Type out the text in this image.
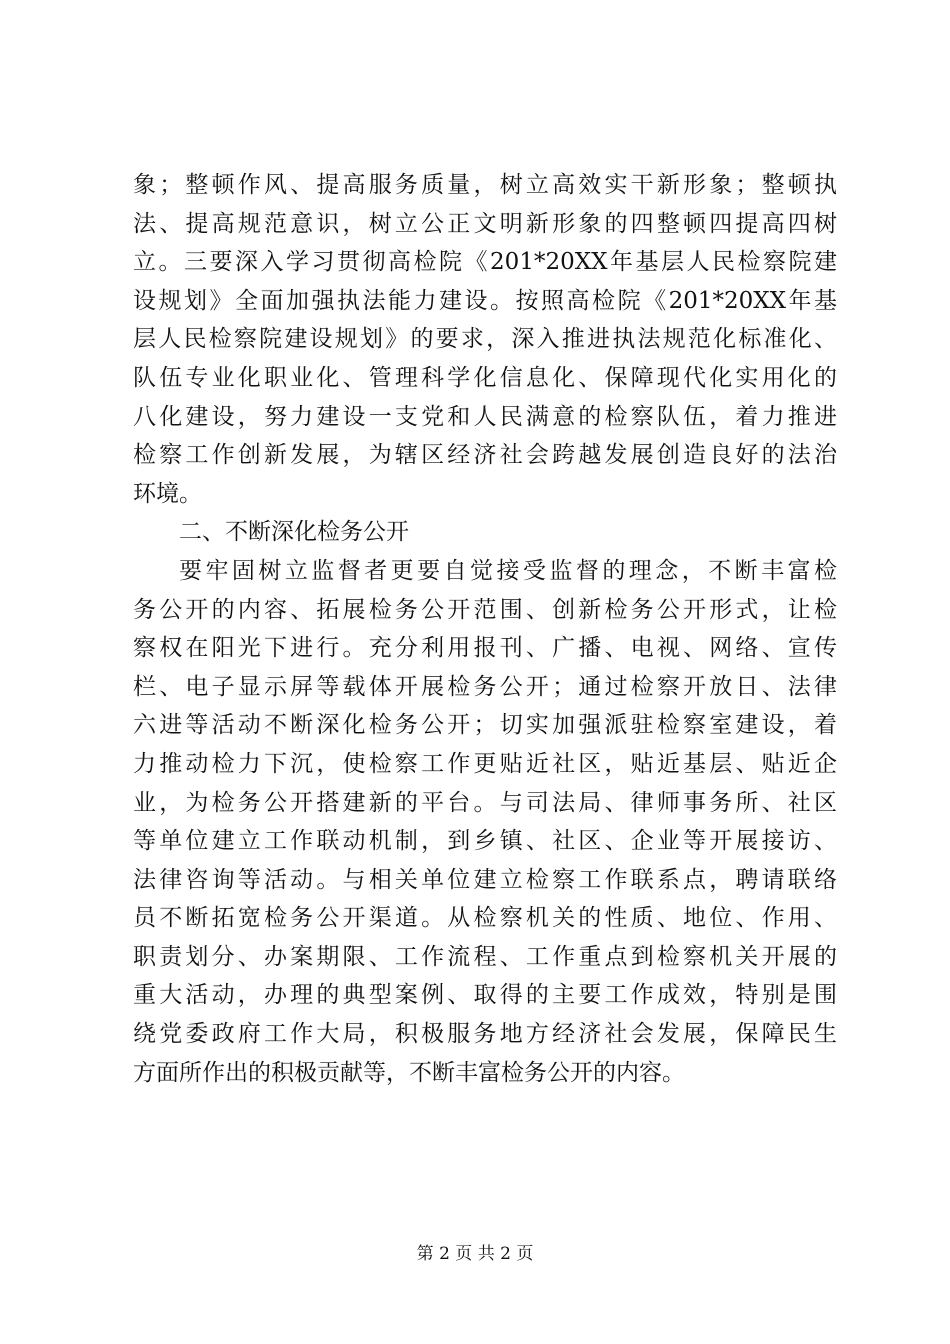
象；整顿作风、提高服务质量，树立高效实干新形象；整顿执
法、提高规范意识，树立公正文明新形象的四整顿四提高四树
立。三要深入学习贯彻高检院《201*20XX年基层人民检察院建
设规划》全面加强执法能力建设。按照高检院《201*20XX年基
层人民检察院建设规划》的要求，深入推进执法规范化标准化、
队伍专业化职业化、管理科学化信息化、保障现代化实用化的
八化建设，努力建设一支党和人民满意的检察队伍，着力推进
检察工作创新发展，为辖区经济社会跨越发展创造良好的法治
环境。
二、不断深化检务公开
要牢固树立监督者更要自觉接受监督的理念，不断丰富检
务公开的内容、拓展检务公开范围、创新检务公开形式，让检
察权在阳光下进行。充分利用报刊、广播、电视、网络、宣传
栏、电子显示屏等载体开展检务公开；通过检察开放日、法律
六进等活动不断深化检务公开；切实加强派驻检察室建设，着
力推动检力下沉，使检察工作更贴近社区，贴近基层、贴近企
业，为检务公开搭建新的平台。与司法局、律师事务所、社区
等单位建立工作联动机制，到乡镇、社区、企业等开展接访、
法律咨询等活动。与相关单位建立检察工作联系点，聘请联络
员不断拓宽检务公开渠道。从检察机关的性质、地位、作用、
职责划分、办案期限、工作流程、工作重点到检察机关开展的
重大活动，办理的典型案例、取得的主要工作成效，特别是围
绕党委政府工作大局，积极服务地方经济社会发展，保障民生
方面所作出的积极贡献等，不断丰富检务公开的内容。
第 2 页 共 2 页
